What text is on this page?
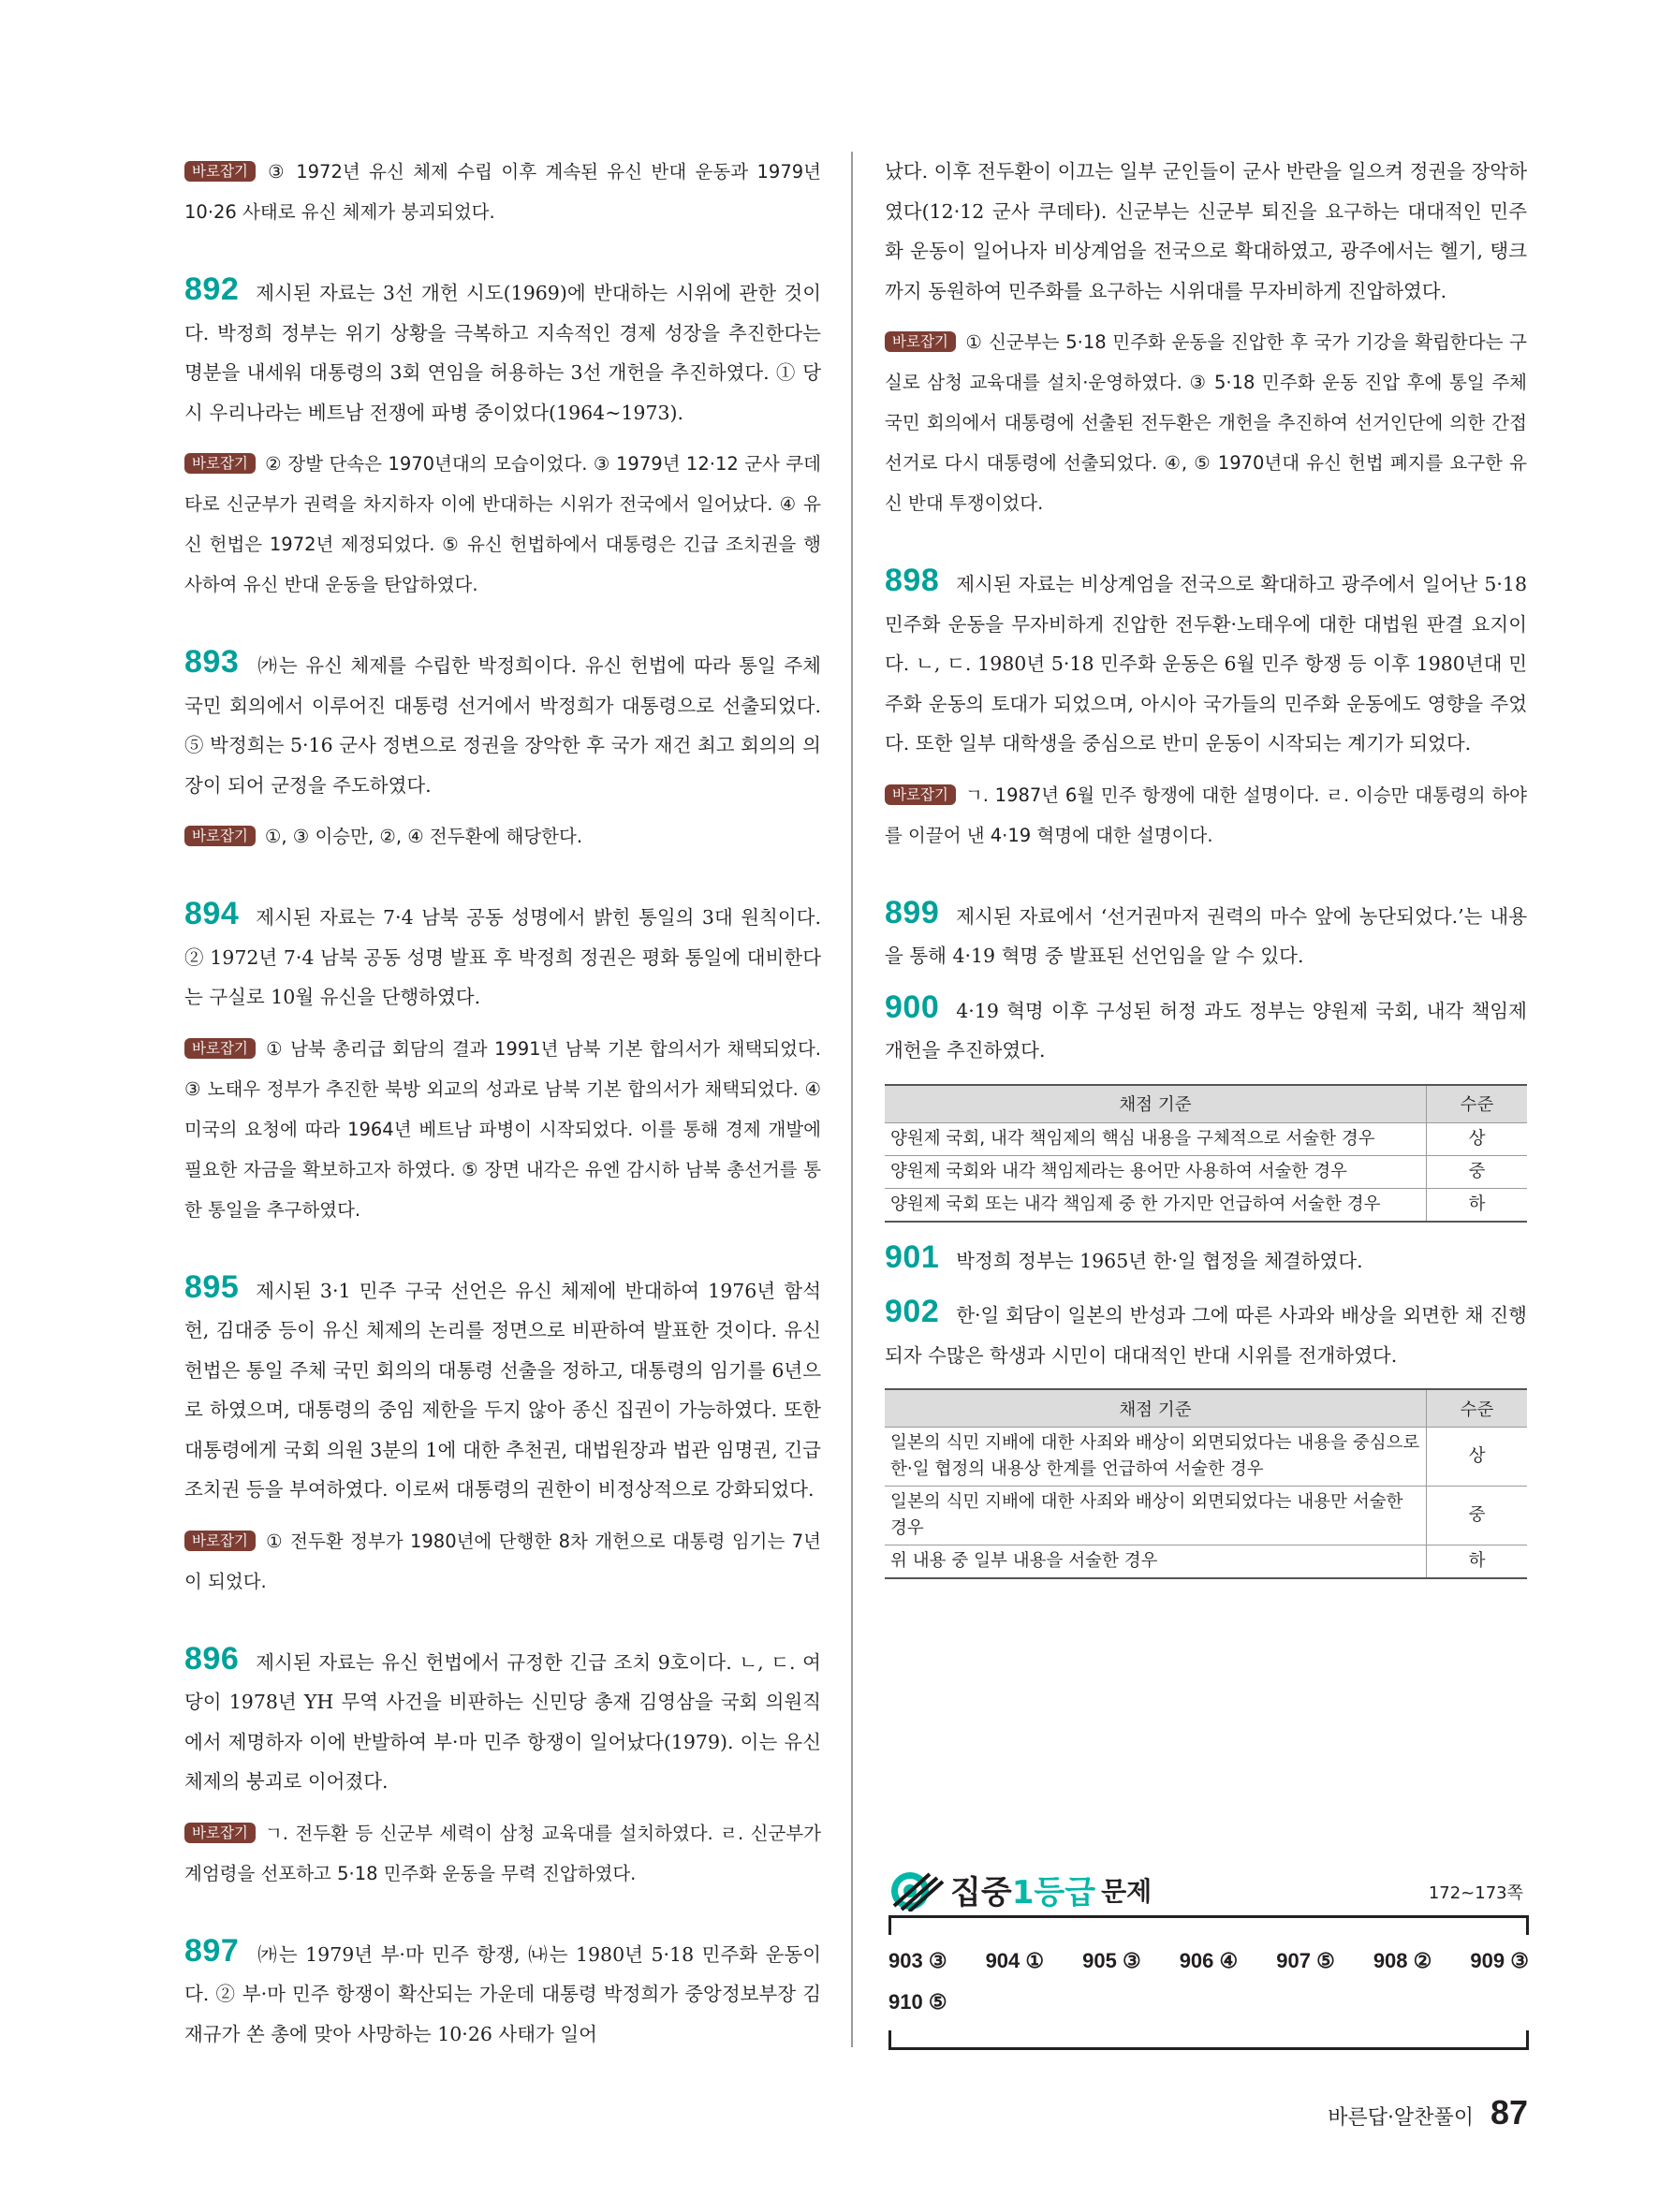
바로잡기 ③ 1972년 유신 체제 수립 이후 계속된 유신 반대 운동과 1979년 10·26 사태로 유신 체제가 붕괴되었다.

892 제시된 자료는 3선 개헌 시도(1969)에 반대하는 시위에 관한 것이다. 박정희 정부는 위기 상황을 극복하고 지속적인 경제 성장을 추진한다는 명분을 내세워 대통령의 3회 연임을 허용하는 3선 개헌을 추진하였다. ① 당시 우리나라는 베트남 전쟁에 파병 중이었다(1964~1973).

바로잡기 ② 장발 단속은 1970년대의 모습이었다. ③ 1979년 12·12 군사 쿠데타로 신군부가 권력을 차지하자 이에 반대하는 시위가 전국에서 일어났다. ④ 유신 헌법은 1972년 제정되었다. ⑤ 유신 헌법하에서 대통령은 긴급 조치권을 행사하여 유신 반대 운동을 탄압하였다.

893 ㈎는 유신 체제를 수립한 박정희이다. 유신 헌법에 따라 통일 주체 국민 회의에서 이루어진 대통령 선거에서 박정희가 대통령으로 선출되었다. ⑤ 박정희는 5·16 군사 정변으로 정권을 장악한 후 국가 재건 최고 회의의 의장이 되어 군정을 주도하였다.

바로잡기 ①, ③ 이승만, ②, ④ 전두환에 해당한다.

894 제시된 자료는 7·4 남북 공동 성명에서 밝힌 통일의 3대 원칙이다. ② 1972년 7·4 남북 공동 성명 발표 후 박정희 정권은 평화 통일에 대비한다는 구실로 10월 유신을 단행하였다.

바로잡기 ① 남북 총리급 회담의 결과 1991년 남북 기본 합의서가 채택되었다. ③ 노태우 정부가 추진한 북방 외교의 성과로 남북 기본 합의서가 채택되었다. ④ 미국의 요청에 따라 1964년 베트남 파병이 시작되었다. 이를 통해 경제 개발에 필요한 자금을 확보하고자 하였다. ⑤ 장면 내각은 유엔 감시하 남북 총선거를 통한 통일을 추구하였다.

895 제시된 3·1 민주 구국 선언은 유신 체제에 반대하여 1976년 함석헌, 김대중 등이 유신 체제의 논리를 정면으로 비판하여 발표한 것이다. 유신 헌법은 통일 주체 국민 회의의 대통령 선출을 정하고, 대통령의 임기를 6년으로 하였으며, 대통령의 중임 제한을 두지 않아 종신 집권이 가능하였다. 또한 대통령에게 국회 의원 3분의 1에 대한 추천권, 대법원장과 법관 임명권, 긴급 조치권 등을 부여하였다. 이로써 대통령의 권한이 비정상적으로 강화되었다.

바로잡기 ① 전두환 정부가 1980년에 단행한 8차 개헌으로 대통령 임기는 7년이 되었다.

896 제시된 자료는 유신 헌법에서 규정한 긴급 조치 9호이다. ㄴ, ㄷ. 여당이 1978년 YH 무역 사건을 비판하는 신민당 총재 김영삼을 국회 의원직에서 제명하자 이에 반발하여 부·마 민주 항쟁이 일어났다(1979). 이는 유신 체제의 붕괴로 이어졌다.

바로잡기 ㄱ. 전두환 등 신군부 세력이 삼청 교육대를 설치하였다. ㄹ. 신군부가 계엄령을 선포하고 5·18 민주화 운동을 무력 진압하였다.

897 ㈎는 1979년 부·마 민주 항쟁, ㈏는 1980년 5·18 민주화 운동이다. ② 부·마 민주 항쟁이 확산되는 가운데 대통령 박정희가 중앙정보부장 김재규가 쏜 총에 맞아 사망하는 10·26 사태가 일어

났다. 이후 전두환이 이끄는 일부 군인들이 군사 반란을 일으켜 정권을 장악하였다(12·12 군사 쿠데타). 신군부는 신군부 퇴진을 요구하는 대대적인 민주화 운동이 일어나자 비상계엄을 전국으로 확대하였고, 광주에서는 헬기, 탱크까지 동원하여 민주화를 요구하는 시위대를 무자비하게 진압하였다.

바로잡기 ① 신군부는 5·18 민주화 운동을 진압한 후 국가 기강을 확립한다는 구실로 삼청 교육대를 설치·운영하였다. ③ 5·18 민주화 운동 진압 후에 통일 주체 국민 회의에서 대통령에 선출된 전두환은 개헌을 추진하여 선거인단에 의한 간접 선거로 다시 대통령에 선출되었다. ④, ⑤ 1970년대 유신 헌법 폐지를 요구한 유신 반대 투쟁이었다.

898 제시된 자료는 비상계엄을 전국으로 확대하고 광주에서 일어난 5·18 민주화 운동을 무자비하게 진압한 전두환·노태우에 대한 대법원 판결 요지이다. ㄴ, ㄷ. 1980년 5·18 민주화 운동은 6월 민주 항쟁 등 이후 1980년대 민주화 운동의 토대가 되었으며, 아시아 국가들의 민주화 운동에도 영향을 주었다. 또한 일부 대학생을 중심으로 반미 운동이 시작되는 계기가 되었다.

바로잡기 ㄱ. 1987년 6월 민주 항쟁에 대한 설명이다. ㄹ. 이승만 대통령의 하야를 이끌어 낸 4·19 혁명에 대한 설명이다.

899 제시된 자료에서 ‘선거권마저 권력의 마수 앞에 농단되었다.’는 내용을 통해 4·19 혁명 중 발표된 선언임을 알 수 있다.

900 4·19 혁명 이후 구성된 허정 과도 정부는 양원제 국회, 내각 책임제 개헌을 추진하였다.

채점 기준	수준
양원제 국회, 내각 책임제의 핵심 내용을 구체적으로 서술한 경우	상
양원제 국회와 내각 책임제라는 용어만 사용하여 서술한 경우	중
양원제 국회 또는 내각 책임제 중 한 가지만 언급하여 서술한 경우	하

901 박정희 정부는 1965년 한·일 협정을 체결하였다.

902 한·일 회담이 일본의 반성과 그에 따른 사과와 배상을 외면한 채 진행되자 수많은 학생과 시민이 대대적인 반대 시위를 전개하였다.

채점 기준	수준
일본의 식민 지배에 대한 사죄와 배상이 외면되었다는 내용을 중심으로 한·일 협정의 내용상 한계를 언급하여 서술한 경우	상
일본의 식민 지배에 대한 사죄와 배상이 외면되었다는 내용만 서술한 경우	중
위 내용 중 일부 내용을 서술한 경우	하
집중 1등급 문제	172~173쪽
903 ③ 904 ① 905 ③ 906 ④ 907 ⑤ 908 ② 909 ③
910 ⑤
바른답·알찬풀이 87
